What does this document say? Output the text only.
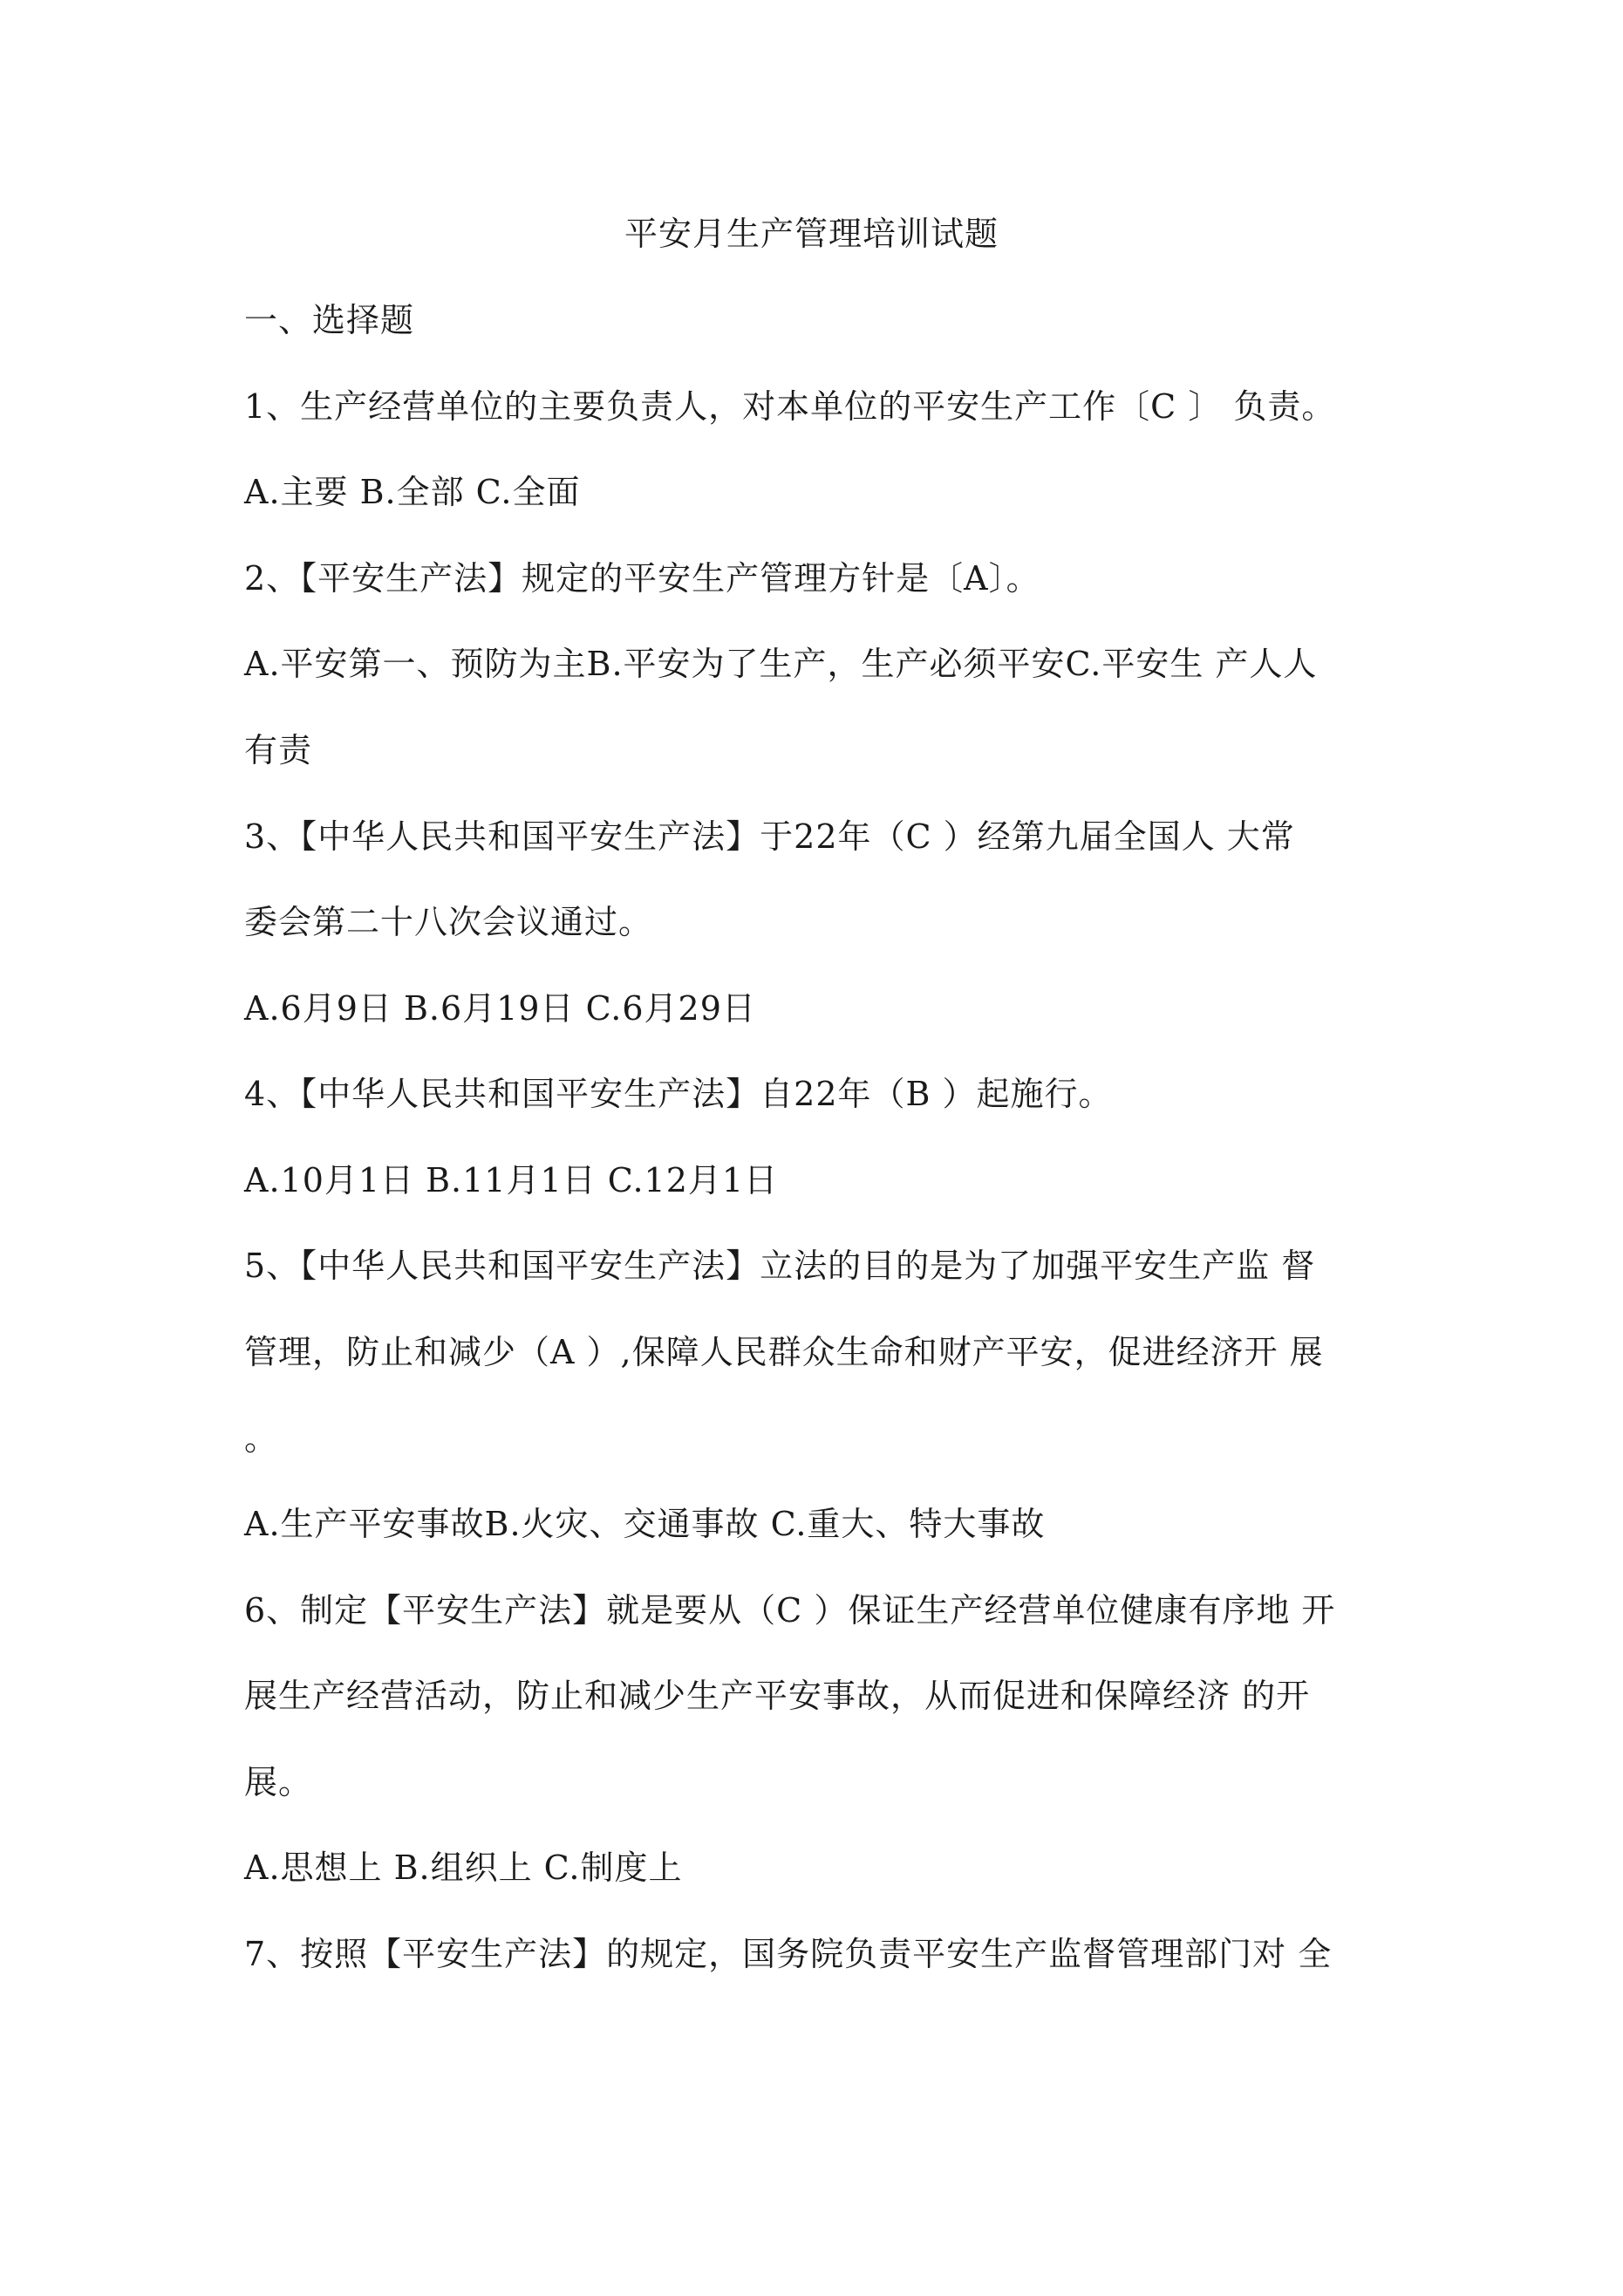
平安月生产管理培训试题
一、选择题
1、生产经营单位的主要负责人，对本单位的平安生产工作〔C 〕 负责。
A.主要 B.全部 C.全面
2、【平安生产法】规定的平安生产管理方针是〔A〕。
A.平安第一、预防为主B.平安为了生产，生产必须平安C.平安生 产人人
有责
3、【中华人民共和国平安生产法】于22年（C ）经第九届全国人 大常
委会第二十八次会议通过。
A.6月9日 B.6月19日 C.6月29日
4、【中华人民共和国平安生产法】自22年（B ）起施行。
A.10月1日 B.11月1日 C.12月1日
5、【中华人民共和国平安生产法】立法的目的是为了加强平安生产监 督
管理，防止和减少（A ）,保障人民群众生命和财产平安，促进经济开 展
。
A.生产平安事故B.火灾、交通事故 C.重大、特大事故
6、制定【平安生产法】就是要从（C ）保证生产经营单位健康有序地 开
展生产经营活动，防止和减少生产平安事故，从而促进和保障经济 的开
展。
A.思想上 B.组织上 C.制度上
7、按照【平安生产法】的规定，国务院负责平安生产监督管理部门对 全
